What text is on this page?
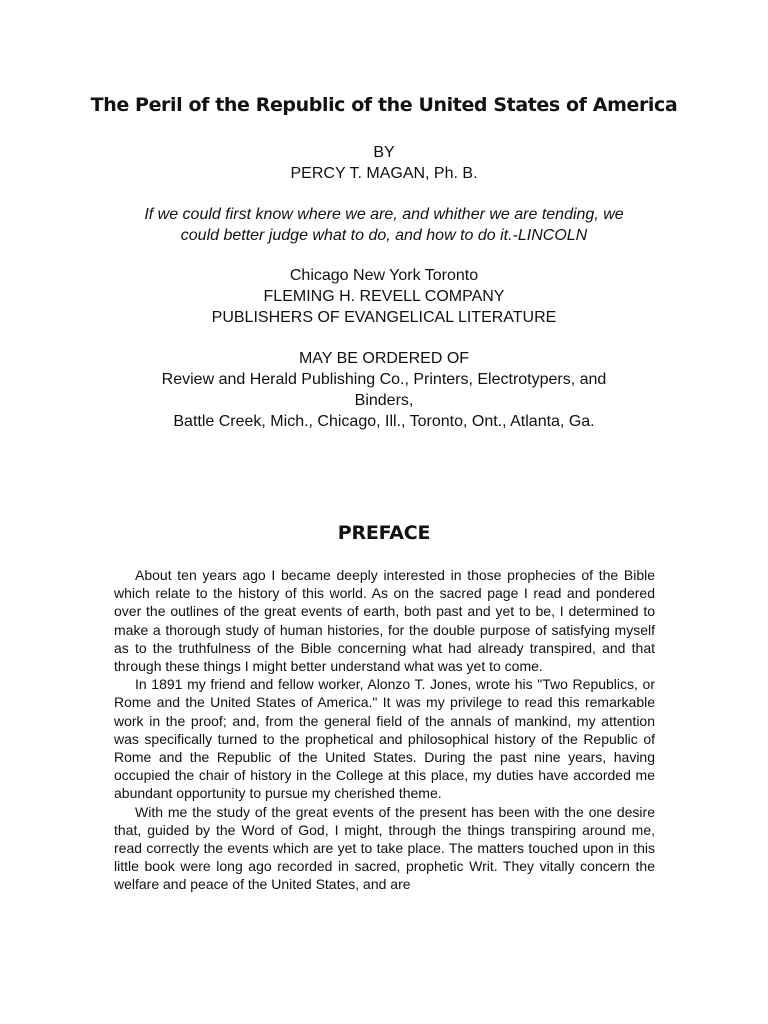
The Peril of the Republic of the United States of America
BY
PERCY T. MAGAN, Ph. B.
If we could first know where we are, and whither we are tending, we
could better judge what to do, and how to do it.-LINCOLN
Chicago New York Toronto
FLEMING H. REVELL COMPANY
PUBLISHERS OF EVANGELICAL LITERATURE
MAY BE ORDERED OF
Review and Herald Publishing Co., Printers, Electrotypers, and
Binders,
Battle Creek, Mich., Chicago, Ill., Toronto, Ont., Atlanta, Ga.
PREFACE

About ten years ago I became deeply interested in those prophecies of the Bible which relate to the history of this world. As on the sacred page I read and pondered over the outlines of the great events of earth, both past and yet to be, I determined to make a thorough study of human histories, for the double purpose of satisfying myself as to the truthfulness of the Bible concerning what had already transpired, and that through these things I might better understand what was yet to come.

In 1891 my friend and fellow worker, Alonzo T. Jones, wrote his "Two Republics, or Rome and the United States of America." It was my privilege to read this remarkable work in the proof; and, from the general field of the annals of mankind, my attention was specifically turned to the prophetical and philosophical history of the Republic of Rome and the Republic of the United States. During the past nine years, having occupied the chair of history in the College at this place, my duties have accorded me abundant opportunity to pursue my cherished theme.

With me the study of the great events of the present has been with the one desire that, guided by the Word of God, I might, through the things transpiring around me, read correctly the events which are yet to take place. The matters touched upon in this little book were long ago recorded in sacred, prophetic Writ. They vitally concern the welfare and peace of the United States, and are
